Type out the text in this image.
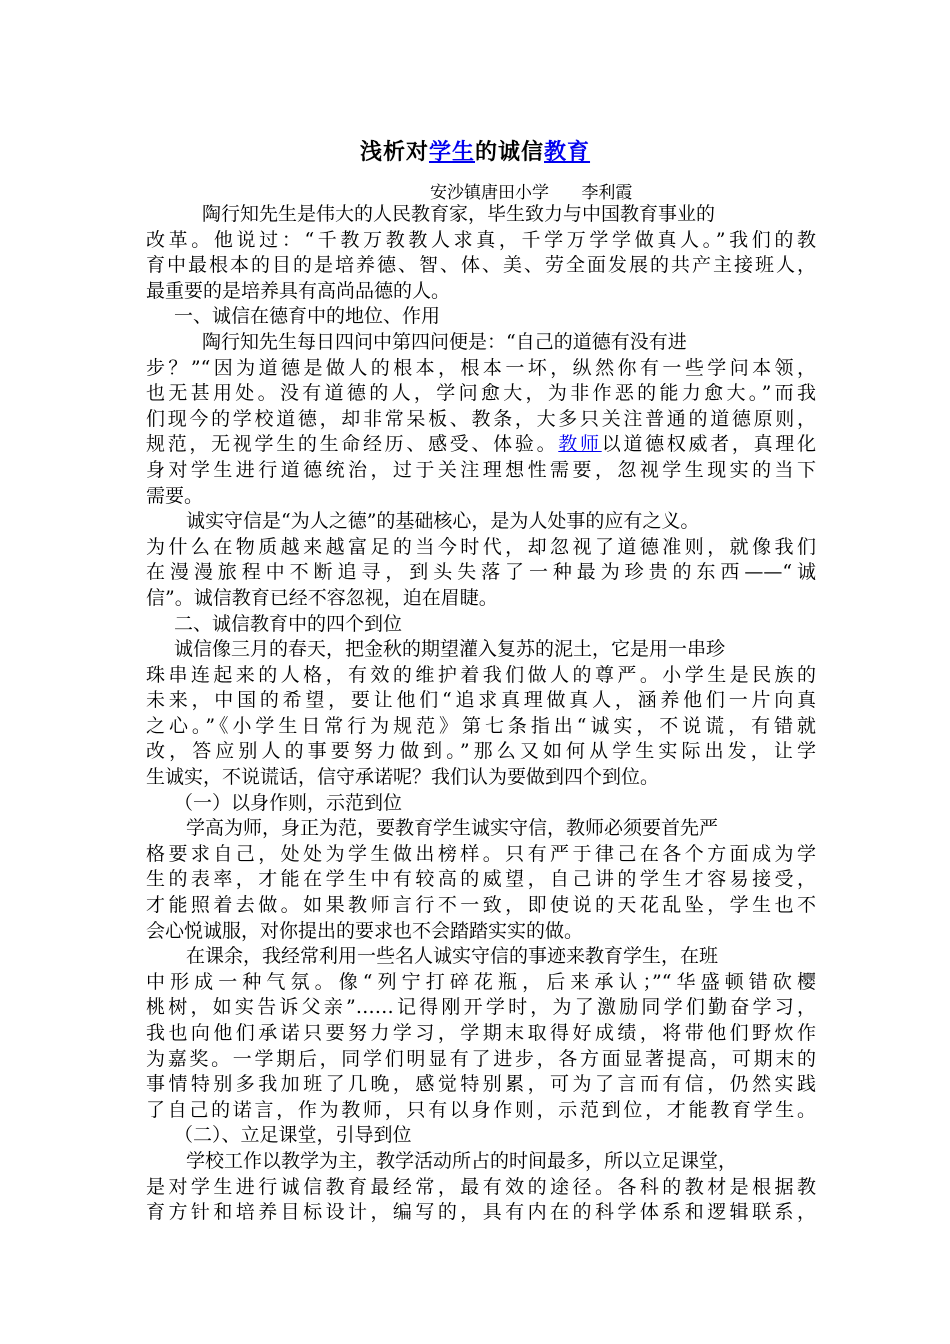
浅析对学生的诚信教育
安沙镇唐田小学 李利霞
陶行知先生是伟大的人民教育家，毕生致力与中国教育事业的
改革。他说过：“千教万教教人求真，千学万学学做真人。”我们的教
育中最根本的目的是培养德、智、体、美、劳全面发展的共产主接班人，
最重要的是培养具有高尚品德的人。
一、诚信在德育中的地位、作用
陶行知先生每日四问中第四问便是：“自己的道德有没有进
步？”“因为道德是做人的根本，根本一坏，纵然你有一些学问本领，
也无甚用处。没有道德的人，学问愈大，为非作恶的能力愈大。”而我
们现今的学校道德，却非常呆板、教条，大多只关注普通的道德原则，
规范，无视学生的生命经历、感受、体验。教师以道德权威者，真理化
身对学生进行道德统治，过于关注理想性需要，忽视学生现实的当下
需要。
诚实守信是“为人之德”的基础核心，是为人处事的应有之义。
为什么在物质越来越富足的当今时代，却忽视了道德准则，就像我们
在漫漫旅程中不断追寻，到头失落了一种最为珍贵的东西——“诚
信”。诚信教育已经不容忽视，迫在眉睫。
二、诚信教育中的四个到位
诚信像三月的春天，把金秋的期望灌入复苏的泥土，它是用一串珍
珠串连起来的人格，有效的维护着我们做人的尊严。小学生是民族的
未来，中国的希望，要让他们“追求真理做真人，涵养他们一片向真
之心。”《小学生日常行为规范》第七条指出“诚实，不说谎，有错就
改，答应别人的事要努力做到。”那么又如何从学生实际出发，让学
生诚实，不说谎话，信守承诺呢？我们认为要做到四个到位。
（一）以身作则，示范到位
学高为师，身正为范，要教育学生诚实守信，教师必须要首先严
格要求自己，处处为学生做出榜样。只有严于律己在各个方面成为学
生的表率，才能在学生中有较高的威望，自己讲的学生才容易接受，
才能照着去做。如果教师言行不一致，即使说的天花乱坠，学生也不
会心悦诚服，对你提出的要求也不会踏踏实实的做。
在课余，我经常利用一些名人诚实守信的事迹来教育学生，在班
中形成一种气氛。像“列宁打碎花瓶，后来承认；”“华盛顿错砍樱
桃树，如实告诉父亲”……记得刚开学时，为了激励同学们勤奋学习，
我也向他们承诺只要努力学习，学期末取得好成绩，将带他们野炊作
为嘉奖。一学期后，同学们明显有了进步，各方面显著提高，可期末的
事情特别多我加班了几晚，感觉特别累，可为了言而有信，仍然实践
了自己的诺言，作为教师，只有以身作则，示范到位，才能教育学生。
（二）、立足课堂，引导到位
学校工作以教学为主，教学活动所占的时间最多，所以立足课堂，
是对学生进行诚信教育最经常，最有效的途径。各科的教材是根据教
育方针和培养目标设计，编写的，具有内在的科学体系和逻辑联系，
